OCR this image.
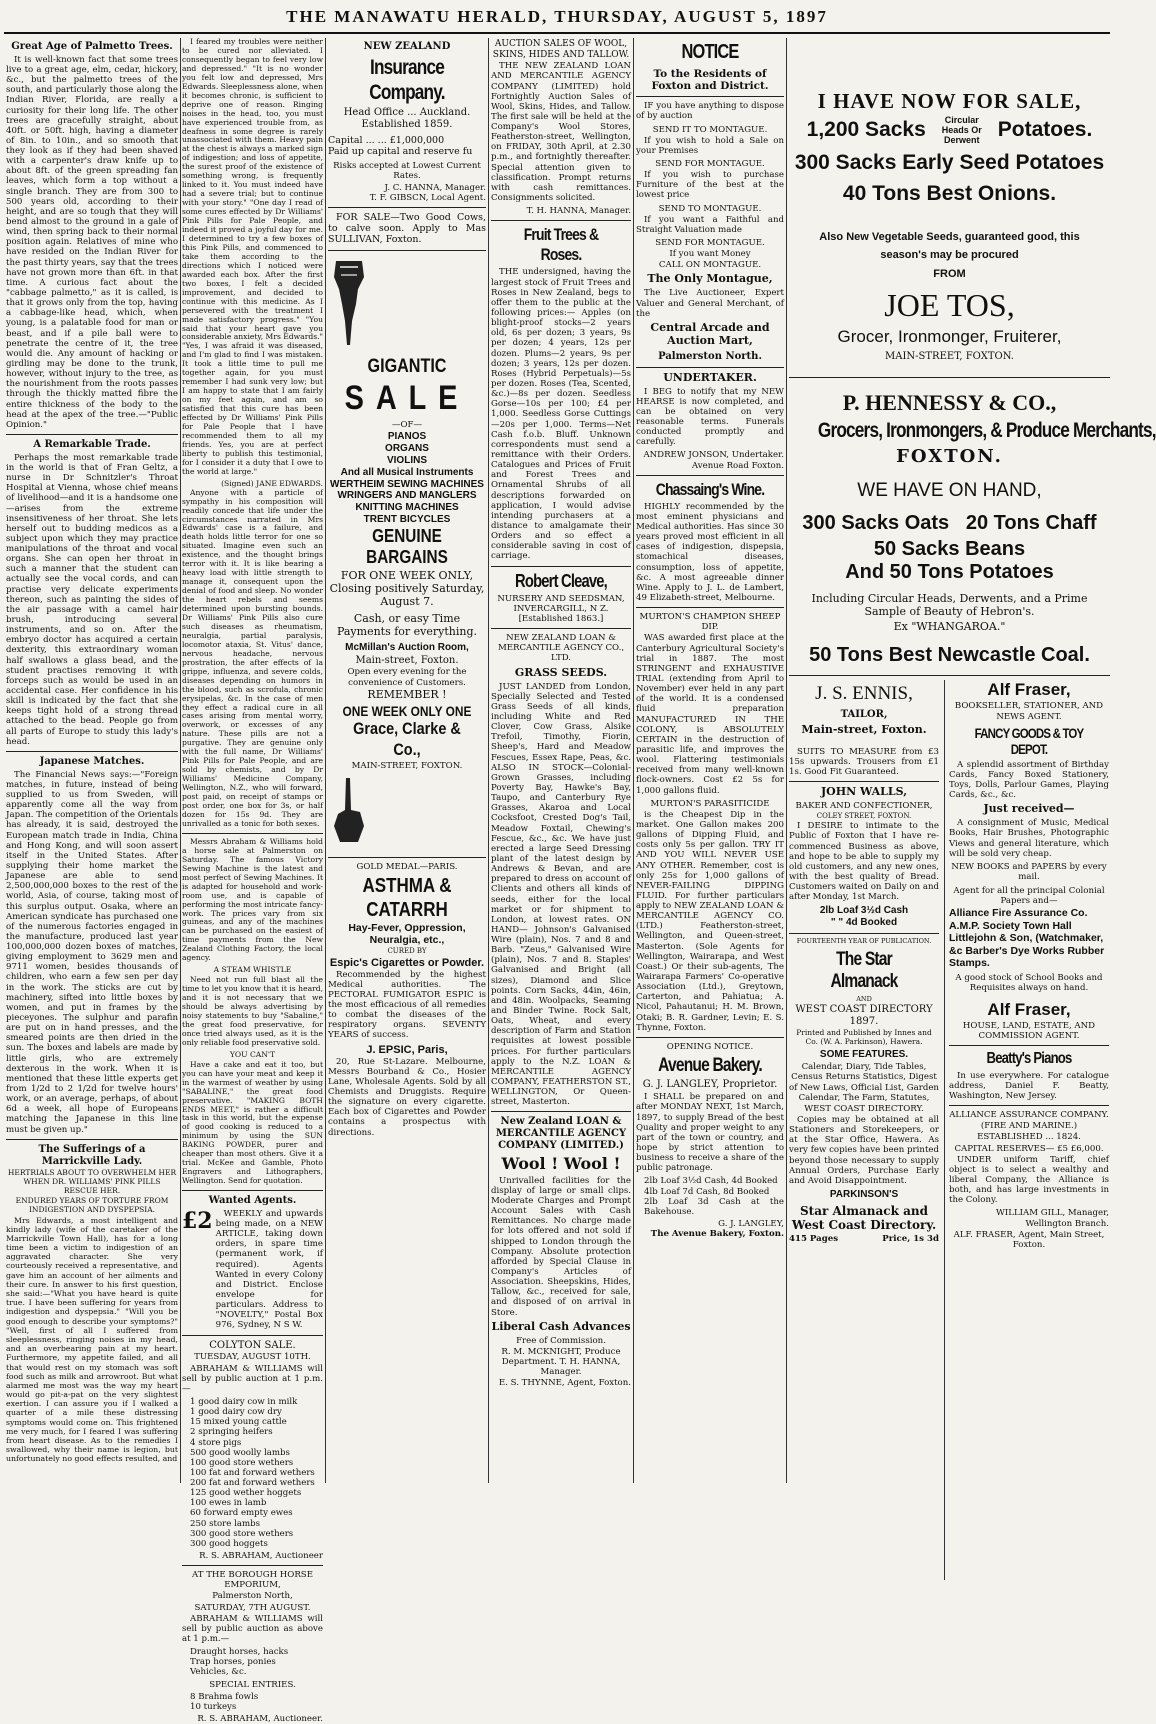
THE MANAWATU HERALD, THURSDAY, AUGUST 5, 1897
Great Age of Palmetto Trees.

It is well-known fact that some trees live to a great age, elm, cedar, hickory, &c., but the palmetto trees of the south, and particularly those along the Indian River, Florida, are really a curiosity for their long life. The other trees are gracefully straight, about 40ft. or 50ft. high, having a diameter of 8in. to 10in., and so smooth that they look as if they had been shaved with a carpenter's draw knife up to about 8ft. of the green spreading fan leaves, which form a top without a single branch. They are from 300 to 500 years old, according to their height, and are so tough that they will bend almost to the ground in a gale of wind, then spring back to their normal position again. Relatives of mine who have resided on the Indian River for the past thirty years, say that the trees have not grown more than 6ft. in that time. A curious fact about the "cabbage palmetto," as it is called, is that it grows only from the top, having a cabbage-like head, which, when young, is a palatable food for man or beast, and if a pile ball were to penetrate the centre of it, the tree would die. Any amount of hacking or girdling may be done to the trunk, however, without injury to the tree, as the nourishment from the roots passes through the thickly matted fibre the entire thickness of the body to the head at the apex of the tree.—"Public Opinion."

A Remarkable Trade.

Perhaps the most remarkable trade in the world is that of Fran Geltz, a nurse in Dr Schnitzler's Throat Hospital at Vienna, whose chief means of livelihood—and it is a handsome one—arises from the extreme insensitiveness of her throat. She lets herself out to budding medicos as a subject upon which they may practice manipulations of the throat and vocal organs. She can open her throat in such a manner that the student can actually see the vocal cords, and can practise very delicate experiments thereon, such as painting the sides of the air passage with a camel hair brush, introducing several instruments, and so on. After the embryo doctor has acquired a certain dexterity, this extraordinary woman half swallows a glass bead, and the student practises removing it with forceps such as would be used in an accidental case. Her confidence in his skill is indicated by the fact that she keeps tight hold of a strong thread attached to the bead. People go from all parts of Europe to study this lady's head.

Japanese Matches.

The Financial News says:—"Foreign matches, in future, instead of being supplied to us from Sweden, will apparently come all the way from Japan. The competition of the Orientals has already, it is said, destroyed the European match trade in India, China and Hong Kong, and will soon assert itself in the United States. After supplying their home market the Japanese are able to send 2,500,000,000 boxes to the rest of the world, Asia, of course, taking most of this surplus output. Osaka, where an American syndicate has purchased one of the numerous factories engaged in the manufacture, produced last year 100,000,000 dozen boxes of matches, giving employment to 3629 men and 9711 women, besides thousands of children, who earn a few sen per day in the work. The sticks are cut by machinery, sifted into little boxes by women, and put in frames by the pieceyones. The sulphur and parafin are put on in hand presses, and the smeared points are then dried in the sun. The boxes and labels are made by little girls, who are extremely dexterous in the work. When it is mentioned that these little experts get from 1/2d to 2 1/2d for twelve hours' work, or an average, perhaps, of about 6d a week, all hope of Europeans matching the Japanese in this line must be given up."

The Sufferings of a Marrickville Lady.
HERTRIALS ABOUT TO OVERWHELM HER WHEN DR. WILLIAMS' PINK PILLS RESCUE HER.
ENDURED YEARS OF TORTURE FROM INDIGESTION AND DYSPEPSIA.

Mrs Edwards, a most intelligent and kindly lady (wife of the caretaker of the Marrickville Town Hall), has for a long time been a victim to indigestion of an aggravated character. She very courteously received a representative, and gave him an account of her ailments and their cure. In answer to his first question, she said:—"What you have heard is quite true. I have been suffering for years from indigestion and dyspepsia." "Will you be good enough to describe your symptoms?" "Well, first of all I suffered from sleeplessness, ringing noises in my head, and an overbearing pain at my heart. Furthermore, my appetite failed, and all that would rest on my stomach was soft food such as milk and arrowroot. But what alarmed me most was the way my heart would go pit-a-pat on the very slightest exertion. I can assure you if I walked a quarter of a mile these distressing symptoms would come on. This frightened me very much, for I feared I was suffering from heart disease. As to the remedies I swallowed, why their name is legion, but unfortunately no good effects resulted, and

I feared my troubles were neither to be cured nor alleviated. I consequently began to feel very low and depressed." "It is no wonder you felt low and depressed, Mrs Edwards. Sleeplessness alone, when it becomes chronic, is sufficient to deprive one of reason. Ringing noises in the head, too, you must have experienced trouble from, as deafness in some degree is rarely unassociated with them. Heavy pain at the chest is always a marked sign of indigestion; and loss of appetite, the surest proof of the existence of something wrong, is frequently linked to it. You must indeed have had a severe trial; but to continue with your story." "One day I read of some cures effected by Dr Williams' Pink Pills for Pale People, and indeed it proved a joyful day for me. I determined to try a few boxes of this Pink Pills, and commenced to take them according to the directions which I noticed were awarded each box. After the first two boxes, I felt a decided improvement, and decided to continue with this medicine. As I persevered with the treatment I made satisfactory progress." "You said that your heart gave you considerable anxiety, Mrs Edwards." "Yes, I was afraid it was diseased, and I'm glad to find I was mistaken. It took a little time to pull me together again, for you must remember I had sunk very low; but I am happy to state that I am fairly on my feet again, and am so satisfied that this cure has been effected by Dr Williams' Pink Pills for Pale People that I have recommended them to all my friends. Yes, you are at perfect liberty to publish this testimonial, for I consider it a duty that I owe to the world at large."

(Signed) JANE EDWARDS.

Anyone with a particle of sympathy in his composition will readily concede that life under the circumstances narrated in Mrs Edwards' case is a failure, and death holds little terror for one so situated. Imagine even such an existence, and the thought brings terror with it. It is like bearing a heavy load with little strength to manage it, consequent upon the denial of food and sleep. No wonder the heart rebels and seems determined upon bursting bounds. Dr Williams' Pink Pills also cure such diseases as rheumatism, neuralgia, partial paralysis, locomotor ataxia, St. Vitus' dance, nervous headache, nervous prostration, the after effects of la grippe, influenza, and severe colds, diseases depending on humors in the blood, such as scrofula, chronic erysipelas, &c. In the case of men they effect a radical cure in all cases arising from mental worry, overwork, or excesses of any nature. These pills are not a purgative. They are genuine only with the full name, Dr Williams' Pink Pills for Pale People, and are sold by chemists, and by Dr Williams' Medicine Company, Wellington, N.Z., who will forward, post paid, on receipt of stamps or post order, one box for 3s, or half dozen for 15s 9d. They are unrivalled as a tonic for both sexes.

Messrs Abraham & Williams hold a horse sale at Palmerston on Saturday. The famous Victory Sewing Machine is the latest and most perfect of Sewing Machines. It is adapted for household and work-room use, and is capable of performing the most intricate fancy-work. The prices vary from six guineas, and any of the machines can be purchased on the easiest of time payments from the New Zealand Clothing Factory, the local agency.

A STEAM WHISTLE

Need not run full blast all the time to let you know that it is heard, and it is not necessary that we should be always advertising by noisy statements to buy "Sabaline," the great food preservative, for once tried always used, as it is the only reliable food preservative sold.

YOU CAN'T

Have a cake and eat it too, but you can have your meat and keep it in the warmest of weather by using "SABALINE," the great food preservative. "MAKING BOTH ENDS MEET," is rather a difficult task in this world, but the expense of good cooking is reduced to a minimum by using the SUN BAKING POWDER, purer and cheaper than most others. Give it a trial. McKee and Gamble, Photo Engravers and Lithographers, Wellington. Send for quotation.

Wanted Agents.
£2	WEEKLY and upwards being made, on a NEW ARTICLE, taking down orders, in spare time (permanent work, if required). Agents Wanted in every Colony and District. Enclose envelope for particulars. Address to "NOVELTY," Postal Box 976, Sydney, N S W.

COLYTON SALE.
TUESDAY, AUGUST 10TH.

ABRAHAM & WILLIAMS will sell by public auction at 1 p.m.—

1 good dairy cow in milk
1 good dairy cow dry
15 mixed young cattle
2 springing heifers
4 store pigs
500 good woolly lambs
100 good store wethers
100 fat and forward wethers
200 fat and forward wethers
125 good wether hoggets
100 ewes in lamb
60 forward empty ewes
250 store lambs
300 good store wethers
300 good hoggets
R. S. ABRAHAM, Auctioneer
AT THE BOROUGH HORSE EMPORIUM,
Palmerston North,
SATURDAY, 7TH AUGUST.

ABRAHAM & WILLIAMS will sell by public auction as above at 1 p.m.—

Draught horses, hacks
Trap horses, ponies
Vehicles, &c.
SPECIAL ENTRIES.
8 Brahma fowls
10 turkeys
R. S. ABRAHAM, Auctioneer.
NEW ZEALAND
Insurance Company.
Head Office ... Auckland. Established 1859.
Capital ... ... £1,000,000
Paid up capital and reserve fu
Risks accepted at Lowest Current Rates.
J. C. HANNA, Manager.
T. F. GIBSCN, Local Agent.

FOR SALE—Two Good Cows, to calve soon. Apply to Mas SULLIVAN, Foxton.

GIGANTIC
SALE
—OF—
PIANOS
ORGANS
VIOLINS
And all Musical Instruments
WERTHEIM SEWING MACHINES
WRINGERS AND MANGLERS
KNITTING MACHINES
TRENT BICYCLES
GENUINE BARGAINS
FOR ONE WEEK ONLY, Closing positively Saturday, August 7.
Cash, or easy Time Payments for everything.
McMillan's Auction Room,
Main-street, Foxton.
Open every evening for the convenience of Customers.
REMEMBER !
ONE WEEK ONLY ONE
Grace, Clarke & Co.,
MAIN-STREET, FOXTON.
GOLD MEDAL—PARIS.
ASTHMA & CATARRH
Hay-Fever, Oppression, Neuralgia, etc.,
CURED BY
Espic's Cigarettes or Powder.

Recommended by the highest Medical authorities. The PECTORAL FUMIGATOR ESPIC is the most efficacious of all remedies to combat the diseases of the respiratory organs. SEVENTY YEARS of success.

J. EPSIC, Paris,

20, Rue St-Lazare. Melbourne, Messrs Bourband & Co., Hosier Lane, Wholesale Agents. Sold by all Chemists and Druggists. Require the signature on every cigarette. Each box of Cigarettes and Powder contains a prospectus with directions.

AUCTION SALES OF WOOL, SKINS, HIDES AND TALLOW.

THE NEW ZEALAND LOAN AND MERCANTILE AGENCY COMPANY (LIMITED) hold Fortnightly Auction Sales of Wool, Skins, Hides, and Tallow. The first sale will be held at the Company's Wool Stores, Featherston-street, Wellington, on FRIDAY, 30th April, at 2.30 p.m., and fortnightly thereafter. Special attention given to classification. Prompt returns with cash remittances. Consignments solicited.

T. H. HANNA, Manager.
Fruit Trees & Roses.

THE undersigned, having the largest stock of Fruit Trees and Roses in New Zealand, begs to offer them to the public at the following prices:— Apples (on blight-proof stocks—2 years old, 6s per dozen; 3 years, 9s per dozen; 4 years, 12s per dozen. Plums—2 years, 9s per dozen; 3 years, 12s per dozen. Roses (Hybrid Perpetuals)—5s per dozen. Roses (Tea, Scented, &c.)—8s per dozen. Seedless Gorse—10s per 100; £4 per 1,000. Seedless Gorse Cuttings—20s per 1,000. Terms—Net Cash f.o.b. Bluff. Unknown correspondents must send a remittance with their Orders. Catalogues and Prices of Fruit and Forest Trees and Ornamental Shrubs of all descriptions forwarded on application, I would advise intending purchasers at a distance to amalgamate their Orders and so effect a considerable saving in cost of carriage.

Robert Cleave,
NURSERY AND SEEDSMAN, INVERCARGILL, N Z. [Established 1863.]
NEW ZEALAND LOAN & MERCANTILE AGENCY CO., LTD.
GRASS SEEDS.

JUST LANDED from London, Specially Selected and Tested Grass Seeds of all kinds, including White and Red Clover, Cow Grass, Alsike Trefoil, Timothy, Fiorin, Sheep's, Hard and Meadow Fescues, Essex Rape, Peas, &c. ALSO IN STOCK—Colonial-Grown Grasses, including Poverty Bay, Hawke's Bay, Taupo, and Canterbury Rye Grasses, Akaroa and Local Cocksfoot, Crested Dog's Tail, Meadow Foxtail, Chewing's Fescue, &c., &c. We have just erected a large Seed Dressing plant of the latest design by Andrews & Bevan, and are prepared to dress on account of Clients and others all kinds of seeds, either for the local market or for shipment to London, at lowest rates. ON HAND— Johnson's Galvanised Wire (plain), Nos. 7 and 8 and Barb. "Zeus," Galvanised Wire (plain), Nos. 7 and 8. Staples' Galvanised and Bright (all sizes), Diamond and Slice points. Corn Sacks, 44in, 46in, and 48in. Woolpacks, Seaming and Binder Twine. Rock Salt, Oats, Wheat, and every description of Farm and Station requisites at lowest possible prices. For further particulars apply to the N.Z. LOAN & MERCANTILE AGENCY COMPANY, FEATHERSTON ST., WELLINGTON, Or Queen-street, Masterton.

New Zealand LOAN & MERCANTILE AGENCY COMPANY (LIMITED.)
Wool ! Wool !

Unrivalled facilities for the display of large or small clips. Moderate Charges and Prompt Account Sales with Cash Remittances. No charge made for lots offered and not sold if shipped to London through the Company. Absolute protection afforded by Special Clause in Company's Articles of Association. Sheepskins, Hides, Tallow, &c., received for sale, and disposed of on arrival in Store.

Liberal Cash Advances
Free of Commission.
R. M. MCKNIGHT, Produce Department. T. H. HANNA, Manager.
E. S. THYNNE, Agent, Foxton.
NOTICE
To the Residents of Foxton and District.

IF you have anything to dispose of by auction

SEND IT TO MONTAGUE.

If you wish to hold a Sale on your Premises

SEND FOR MONTAGUE.

If you wish to purchase Furniture of the best at the lowest price

SEND TO MONTAGUE.

If you want a Faithful and Straight Valuation made

SEND FOR MONTAGUE.
If you want Money
CALL ON MONTAGUE.
The Only Montague,

The Live Auctioneer, Expert Valuer and General Merchant, of the

Central Arcade and Auction Mart,
Palmerston North.
UNDERTAKER.

I BEG to notify that my NEW HEARSE is now completed, and can be obtained on very reasonable terms. Funerals conducted promptly and carefully.

ANDREW JONSON, Undertaker. Avenue Road Foxton.
Chassaing's Wine.

HIGHLY recommended by the most eminent physicians and Medical authorities. Has since 30 years proved most efficient in all cases of indigestion, dispepsia, stomachical diseases, consumption, loss of appetite, &c. A most agreeable dinner Wine. Apply to J. L. de Lambert, 49 Elizabeth-street, Melbourne.

MURTON'S CHAMPION SHEEP DIP.

WAS awarded first place at the Canterbury Agricultural Society's trial in 1887. The most STRINGENT and EXHAUSTIVE TRIAL (extending from April to November) ever held in any part of the world. It is a condensed fluid preparation MANUFACTURED IN THE COLONY, is ABSOLUTELY CERTAIN in the destruction of parasitic life, and improves the wool. Flattering testimonials received from many well-known flock-owners. Cost £2 5s for 1,000 gallons fluid.

MURTON'S PARASITICIDE

is the Cheapest Dip in the market. One Gallon makes 200 gallons of Dipping Fluid, and costs only 5s per gallon. TRY IT AND YOU WILL NEVER USE ANY OTHER. Remember, cost is only 25s for 1,000 gallons of NEVER-FAILING DIPPING FLUID. For further particulars apply to NEW ZEALAND LOAN & MERCANTILE AGENCY CO. (LTD.) Featherston-street, Wellington, and Queen-street, Masterton. (Sole Agents for Wellington, Wairarapa, and West Coast.) Or their sub-agents, The Wairarapa Farmers' Co-operative Association (Ltd.), Greytown, Carterton, and Pahiatua; A. Nicol, Pahautanui; H. M. Brown, Otaki; B. R. Gardner, Levin; E. S. Thynne, Foxton.

OPENING NOTICE.
Avenue Bakery.
G. J. LANGLEY, Proprietor.

I SHALL be prepared on and after MONDAY NEXT, 1st March, 1897, to supply Bread of the best Quality and proper weight to any part of the town or country, and hope by strict attention to business to receive a share of the public patronage.

2lb Loaf 3½d Cash, 4d Booked
4lb Loaf 7d Cash, 8d Booked
2lb Loaf 3d Cash at the Bakehouse.
G. J. LANGLEY,
The Avenue Bakery, Foxton.
I HAVE NOW FOR SALE,
1,200 Sacks	Circular Heads Or Derwent Potatoes.
300 Sacks Early Seed Potatoes
40 Tons Best Onions.
Also New Vegetable Seeds, guaranteed good, this season's may be procured
FROM
JOE TOS,
Grocer, Ironmonger, Fruiterer,
MAIN-STREET, FOXTON.
P. HENNESSY & CO.,
Grocers, Ironmongers, & Produce Merchants,
FOXTON.
WE HAVE ON HAND,
300 Sacks Oats   20 Tons Chaff
50 Sacks Beans
And 50 Tons Potatoes
Including Circular Heads, Derwents, and a Prime Sample of Beauty of Hebron's.
Ex "WHANGAROA."
50 Tons Best Newcastle Coal.
J. S. ENNIS,
TAILOR,
Main-street, Foxton.

SUITS TO MEASURE from £3 15s upwards. Trousers from £1 1s. Good Fit Guaranteed.

JOHN WALLS,
BAKER AND CONFECTIONER,
COLEY STREET, FOXTON.

I DESIRE to intimate to the Public of Foxton that I have re-commenced Business as above, and hope to be able to supply my old customers, and any new ones, with the best quality of Bread. Customers waited on Daily on and after Monday, 1st March.

2lb Loaf 3½d Cash
" " 4d Booked
FOURTEENTH YEAR OF PUBLICATION.
The Star Almanack
AND
WEST COAST DIRECTORY 1897.
Printed and Published by Innes and Co. (W. A. Parkinson), Hawera.
SOME FEATURES.
Calendar, Diary, Tide Tables, Census Returns Statistics, Digest of New Laws, Official List, Garden Calendar, The Farm, Statutes,
WEST COAST DIRECTORY.

Copies may be obtained at all Stationers and Storekeepers, or at the Star Office, Hawera. As very few copies have been printed beyond those necessary to supply Annual Orders, Purchase Early and Avoid Disappointment.

PARKINSON'S
Star Almanack and West Coast Directory.
415 Pages	Price, 1s 3d
Alf Fraser,
BOOKSELLER, STATIONER, AND NEWS AGENT.
FANCY GOODS & TOY DEPOT.

A splendid assortment of Birthday Cards, Fancy Boxed Stationery, Toys, Dolls, Parlour Games, Playing Cards, &c., &c.

Just received—

A consignment of Music, Medical Books, Hair Brushes, Photographic Views and general literature, which will be sold very cheap.

NEW BOOKS and PAPERS by every mail.
Agent for all the principal Colonial Papers and—
Alliance Fire Assurance Co. A.M.P. Society Town Hall Littlejohn & Son, (Watchmaker, &c Barber's Dye Works Rubber Stamps.
A good stock of School Books and Requisites always on hand.
Alf Fraser,
HOUSE, LAND, ESTATE, AND COMMISSION AGENT.
Beatty's Pianos

In use everywhere. For catalogue address, Daniel F. Beatty, Washington, New Jersey.

ALLIANCE ASSURANCE COMPANY.
(FIRE AND MARINE.)
ESTABLISHED ... 1824.
CAPITAL RESERVES— £5 £6,000.

UNDER uniform Tariff, chief object is to select a wealthy and liberal Company, the Alliance is both, and has large investments in the Colony.

WILLIAM GILL, Manager, Wellington Branch.
ALF. FRASER, Agent, Main Street, Foxton.
